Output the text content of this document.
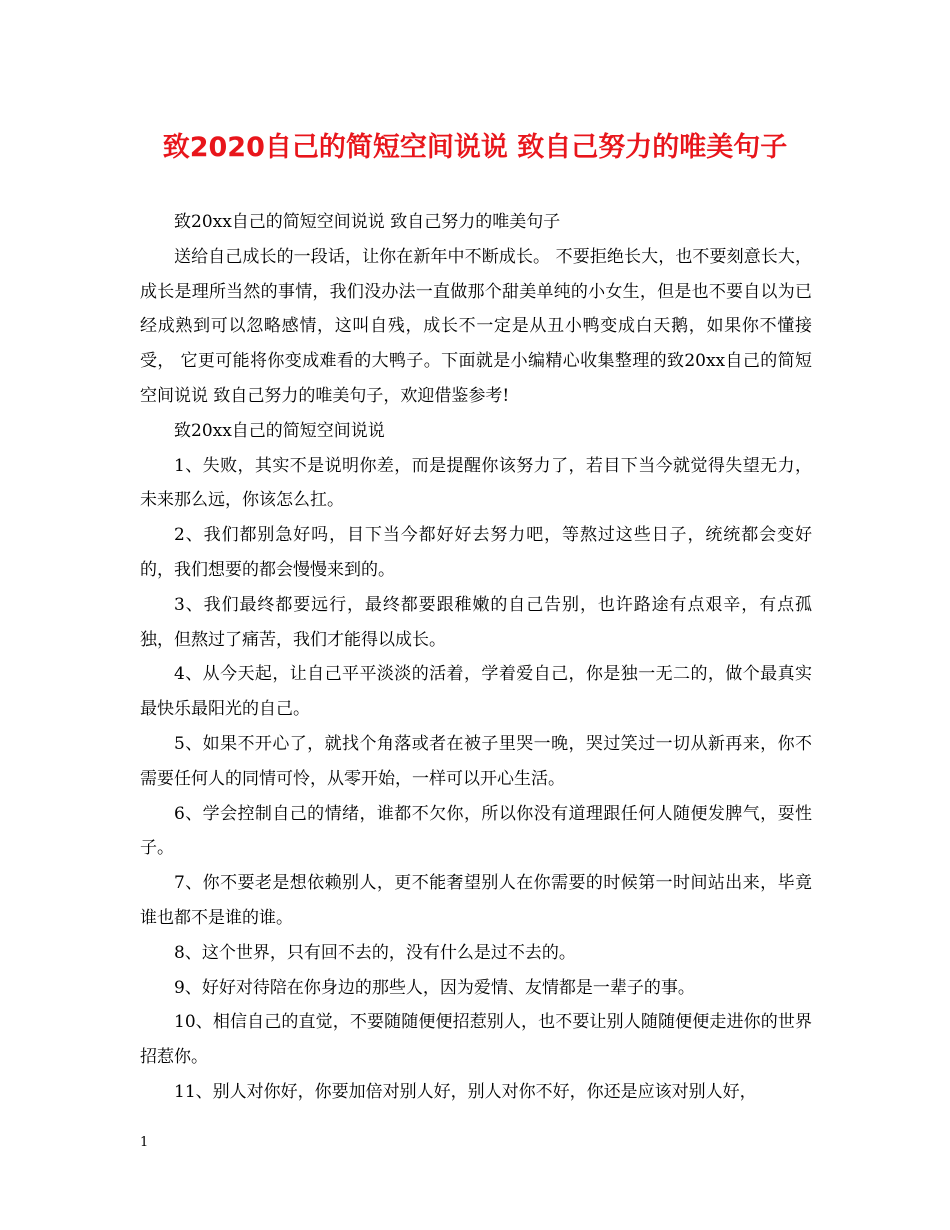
致2020自己的简短空间说说 致自己努力的唯美句子

致20xx自己的简短空间说说 致自己努力的唯美句子

送给自己成长的一段话，让你在新年中不断成长。 不要拒绝长大，也不要刻意长大，成长是理所当然的事情，我们没办法一直做那个甜美单纯的小女生，但是也不要自以为已经成熟到可以忽略感情，这叫自残，成长不一定是从丑小鸭变成白天鹅，如果你不懂接受， 它更可能将你变成难看的大鸭子。下面就是小编精心收集整理的致20xx自己的简短空间说说 致自己努力的唯美句子，欢迎借鉴参考!

致20xx自己的简短空间说说

1、失败，其实不是说明你差，而是提醒你该努力了，若目下当今就觉得失望无力，未来那么远，你该怎么扛。

2、我们都别急好吗，目下当今都好好去努力吧，等熬过这些日子，统统都会变好的，我们想要的都会慢慢来到的。

3、我们最终都要远行，最终都要跟稚嫩的自己告别，也许路途有点艰辛，有点孤独，但熬过了痛苦，我们才能得以成长。

4、从今天起，让自己平平淡淡的活着，学着爱自己，你是独一无二的，做个最真实最快乐最阳光的自己。

5、如果不开心了，就找个角落或者在被子里哭一晚，哭过笑过一切从新再来，你不需要任何人的同情可怜，从零开始，一样可以开心生活。

6、学会控制自己的情绪，谁都不欠你，所以你没有道理跟任何人随便发脾气，耍性子。

7、你不要老是想依赖别人，更不能奢望别人在你需要的时候第一时间站出来，毕竟谁也都不是谁的谁。

8、这个世界，只有回不去的，没有什么是过不去的。

9、好好对待陪在你身边的那些人，因为爱情、友情都是一辈子的事。

10、相信自己的直觉，不要随随便便招惹别人，也不要让别人随随便便走进你的世界招惹你。

11、别人对你好，你要加倍对别人好，别人对你不好，你还是应该对别人好，

1
